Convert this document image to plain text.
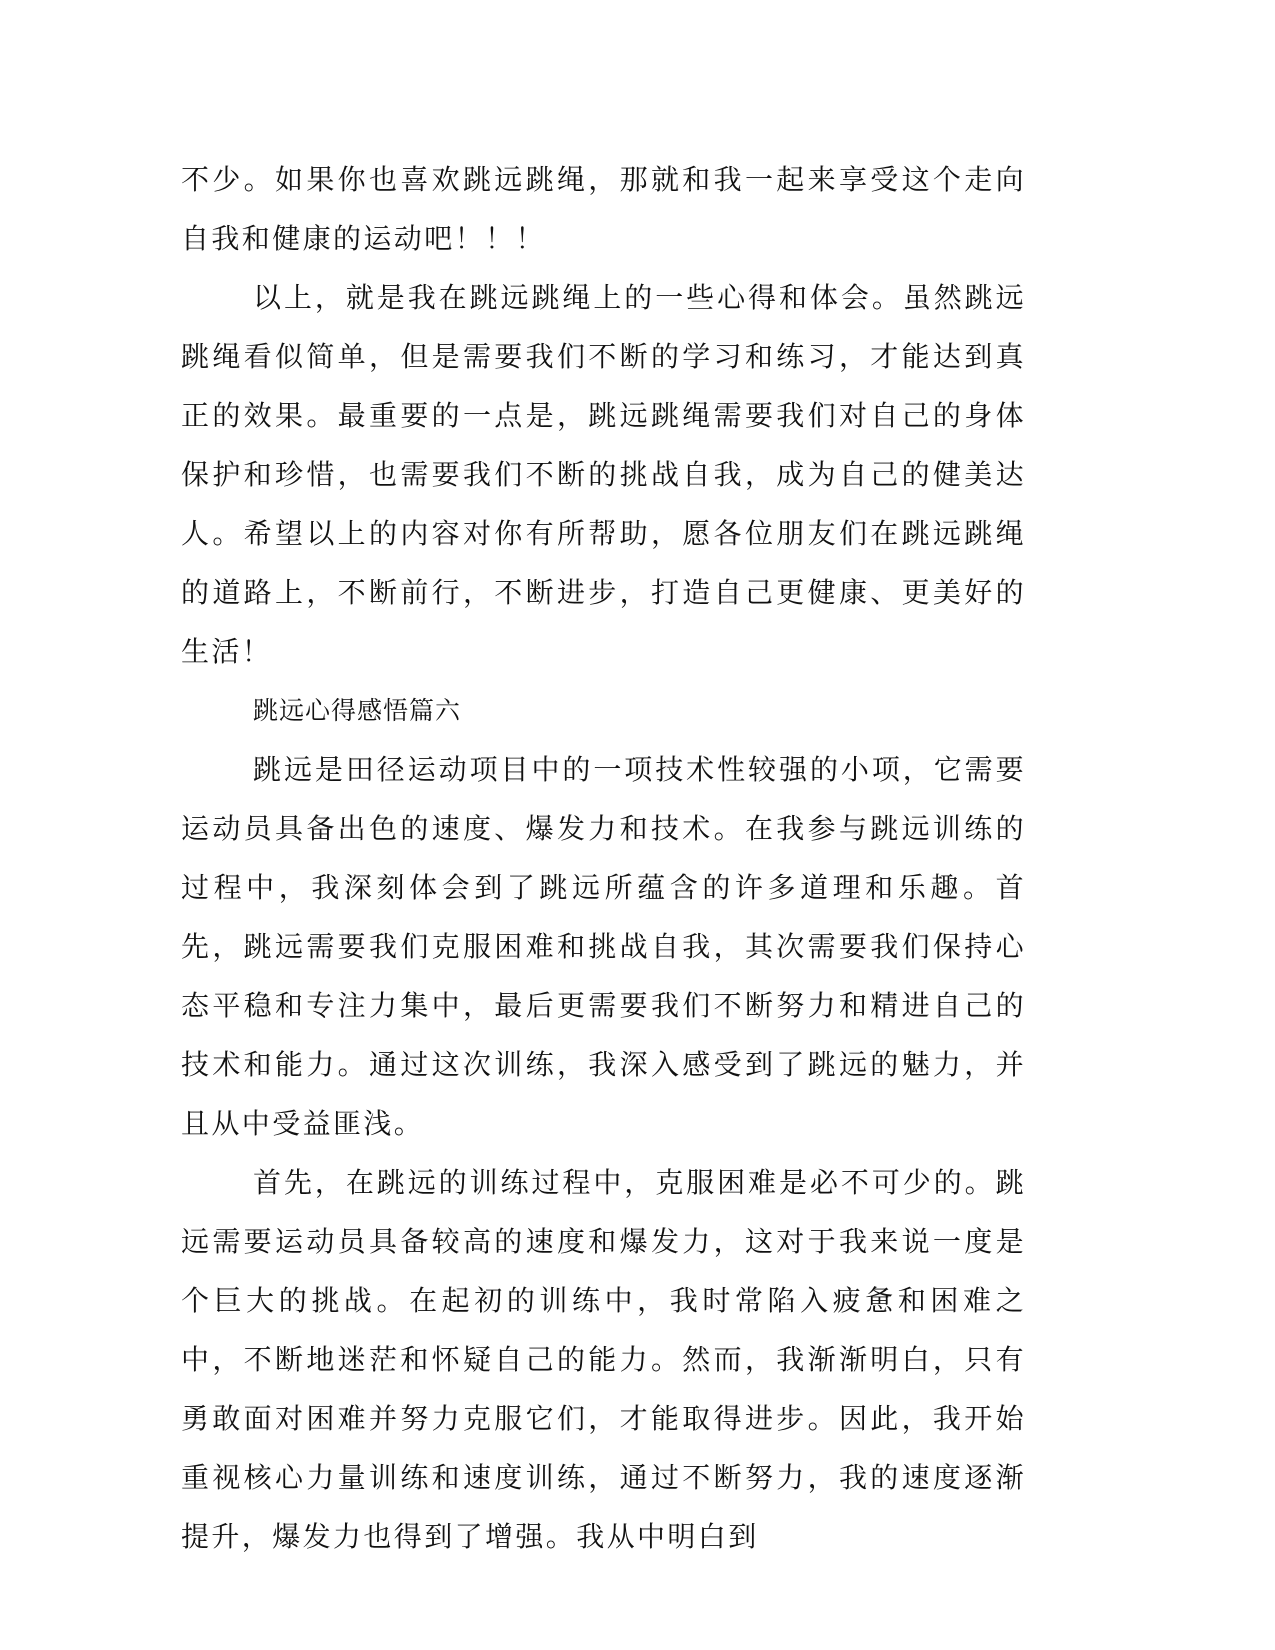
不少。如果你也喜欢跳远跳绳，那就和我一起来享受这个走向自我和健康的运动吧！！！

以上，就是我在跳远跳绳上的一些心得和体会。虽然跳远跳绳看似简单，但是需要我们不断的学习和练习，才能达到真正的效果。最重要的一点是，跳远跳绳需要我们对自己的身体保护和珍惜，也需要我们不断的挑战自我，成为自己的健美达人。希望以上的内容对你有所帮助，愿各位朋友们在跳远跳绳的道路上，不断前行，不断进步，打造自己更健康、更美好的生活！

跳远心得感悟篇六

跳远是田径运动项目中的一项技术性较强的小项，它需要运动员具备出色的速度、爆发力和技术。在我参与跳远训练的过程中，我深刻体会到了跳远所蕴含的许多道理和乐趣。首先，跳远需要我们克服困难和挑战自我，其次需要我们保持心态平稳和专注力集中，最后更需要我们不断努力和精进自己的技术和能力。通过这次训练，我深入感受到了跳远的魅力，并且从中受益匪浅。

首先，在跳远的训练过程中，克服困难是必不可少的。跳远需要运动员具备较高的速度和爆发力，这对于我来说一度是个巨大的挑战。在起初的训练中，我时常陷入疲惫和困难之中，不断地迷茫和怀疑自己的能力。然而，我渐渐明白，只有勇敢面对困难并努力克服它们，才能取得进步。因此，我开始重视核心力量训练和速度训练，通过不断努力，我的速度逐渐提升，爆发力也得到了增强。我从中明白到
